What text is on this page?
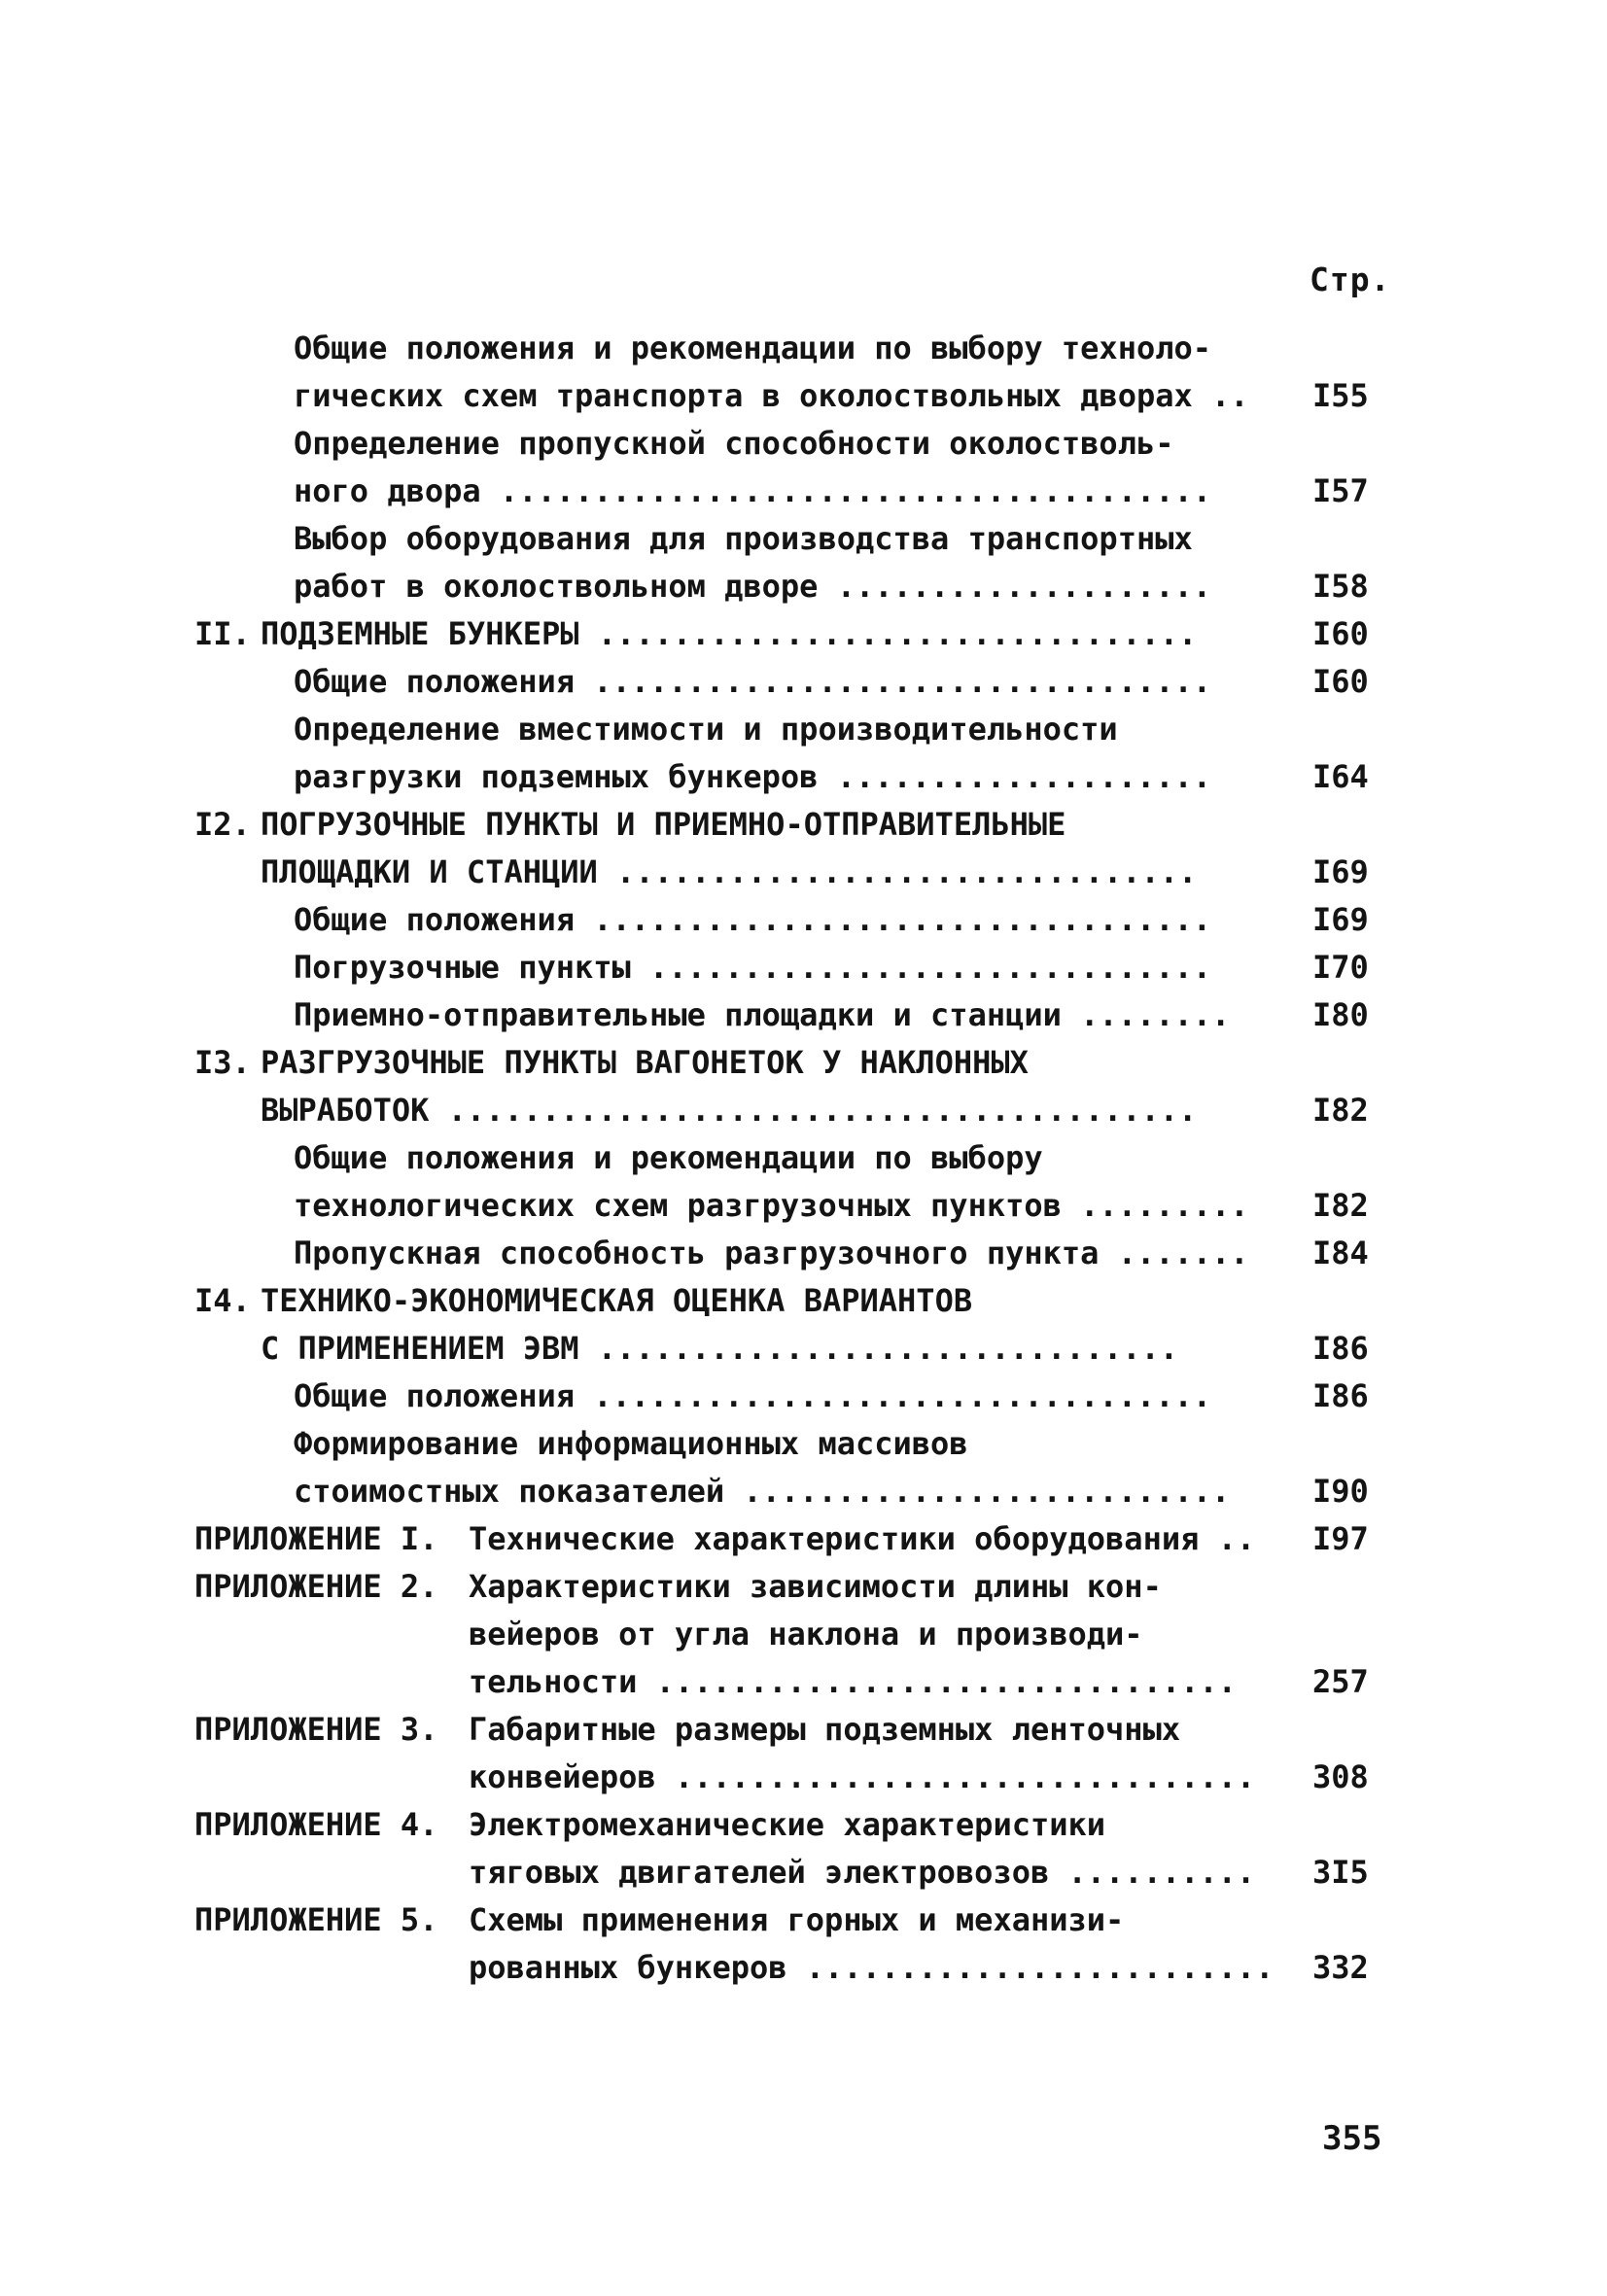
Стр.
Общие положения и рекомендации по выбору техноло-
гических схем транспорта в околоствольных дворах .. I55
Определение пропускной способности околостволь-
ного двора ......................................	I57
Выбор оборудования для производства транспортных
работ в околоствольном дворе ....................	I58
II. ПОДЗЕМНЫЕ БУНКЕРЫ ................................	I60
Общие положения .................................	I60
Определение вместимости и производительности
разгрузки подземных бункеров ....................	I64
I2. ПОГРУЗОЧНЫЕ ПУНКТЫ И ПРИЕМНО-ОТПРАВИТЕЛЬНЫЕ
ПЛОЩАДКИ И СТАНЦИИ ...............................	I69
Общие положения .................................	I69
Погрузочные пункты ..............................	I70
Приемно-отправительные площадки и станции ........	I80
I3. РАЗГРУЗОЧНЫЕ ПУНКТЫ ВАГОНЕТОК У НАКЛОННЫХ
ВЫРАБОТОК ........................................	I82
Общие положения и рекомендации по выбору
технологических схем разгрузочных пунктов ......... I82
Пропускная способность разгрузочного пункта ....... I84
I4. ТЕХНИКО-ЭКОНОМИЧЕСКАЯ ОЦЕНКА ВАРИАНТОВ
С ПРИМЕНЕНИЕМ ЭВМ ...............................	I86
Общие положения .................................	I86
Формирование информационных массивов
стоимостных показателей ..........................	I90
ПРИЛОЖЕНИЕ I. Технические характеристики оборудования .. I97
ПРИЛОЖЕНИЕ 2. Характеристики зависимости длины кон-
вейеров от угла наклона и производи-
тельности ............................... 257
ПРИЛОЖЕНИЕ 3. Габаритные размеры подземных ленточных
конвейеров ............................... 308
ПРИЛОЖЕНИЕ 4. Электромеханические характеристики
тяговых двигателей электровозов .......... 3I5
ПРИЛОЖЕНИЕ 5. Схемы применения горных и механизи-
рованных бункеров ......................... 332
355
